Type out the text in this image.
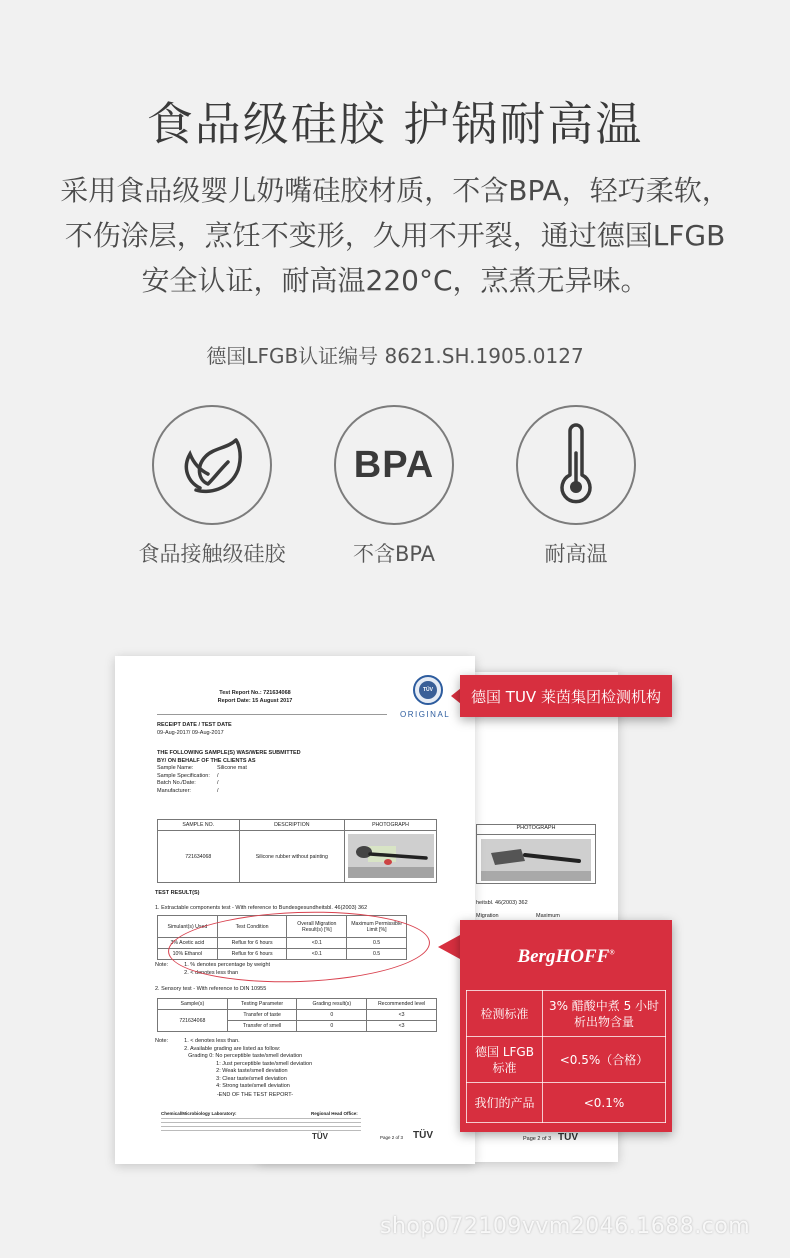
食品级硅胶 护锅耐高温
采用食品级婴儿奶嘴硅胶材质，不含BPA，轻巧柔软，不伤涂层，烹饪不变形，久用不开裂，通过德国LFGB安全认证，耐高温220°C，烹煮无异味。
德国LFGB认证编号 8621.SH.1905.0127
BPA
食品接触级硅胶	不含BPA	耐高温
PHOTOGRAPH
heitsbl. 46(2003) 362
Migration	Maximum
Page 2 of 3 TÜV
Test Report No.: 721634068
Report Date: 15 August 2017
TÜV
ORIGINAL
RECEIPT DATE / TEST DATE
09-Aug-2017/ 09-Aug-2017
THE FOLLOWING SAMPLE(S) WAS/WERE SUBMITTED
BY/ ON BEHALF OF THE CLIENTS AS
Sample Name:	Silicone mat
Sample Specification:	/
Batch No./Date:	/
Manufacturer:	/
SAMPLE NO.	DESCRIPTION	PHOTOGRAPH
721634068	Silicone rubber without painting	
TEST RESULT(S)
1. Extractable components test - With reference to Bundesgesundheitsbl. 46(2003) 362
Simulant(s) Used	Test Condition	Overall Migration Result(s) [%]	Maximum Permissible Limit [%]
3% Acetic acid	Reflux for 6 hours	<0.1	0.5
10% Ethanol	Reflux for 6 hours	<0.1	0.5
Note:	1. % denotes percentage by weight
2. < denotes less than
2. Sensory test - With reference to DIN 10955
Sample(s)	Testing Parameter	Grading result(s)	Recommended level
721634068	Transfer of taste	0	<3
	Transfer of smell	0	<3
Note:	1. < denotes less than.
2. Available grading are listed as follow:
Grading 0: No perceptible taste/smell deviation
1: Just perceptible taste/smell deviation
2: Weak taste/smell deviation
3: Clear taste/smell deviation
4: Strong taste/smell deviation
-END OF THE TEST REPORT-
Chemical/Microbiology Laboratory:	Regional Head Office:
Page 2 of 3 TÜV
TÜV
德国 TUV 莱茵集团检测机构
BergHOFF®
检测标准	3% 醋酸中煮 5 小时析出物含量
德国 LFGB 标准	<0.5%（合格）
我们的产品	<0.1%
shop072109vvm2046.1688.com
